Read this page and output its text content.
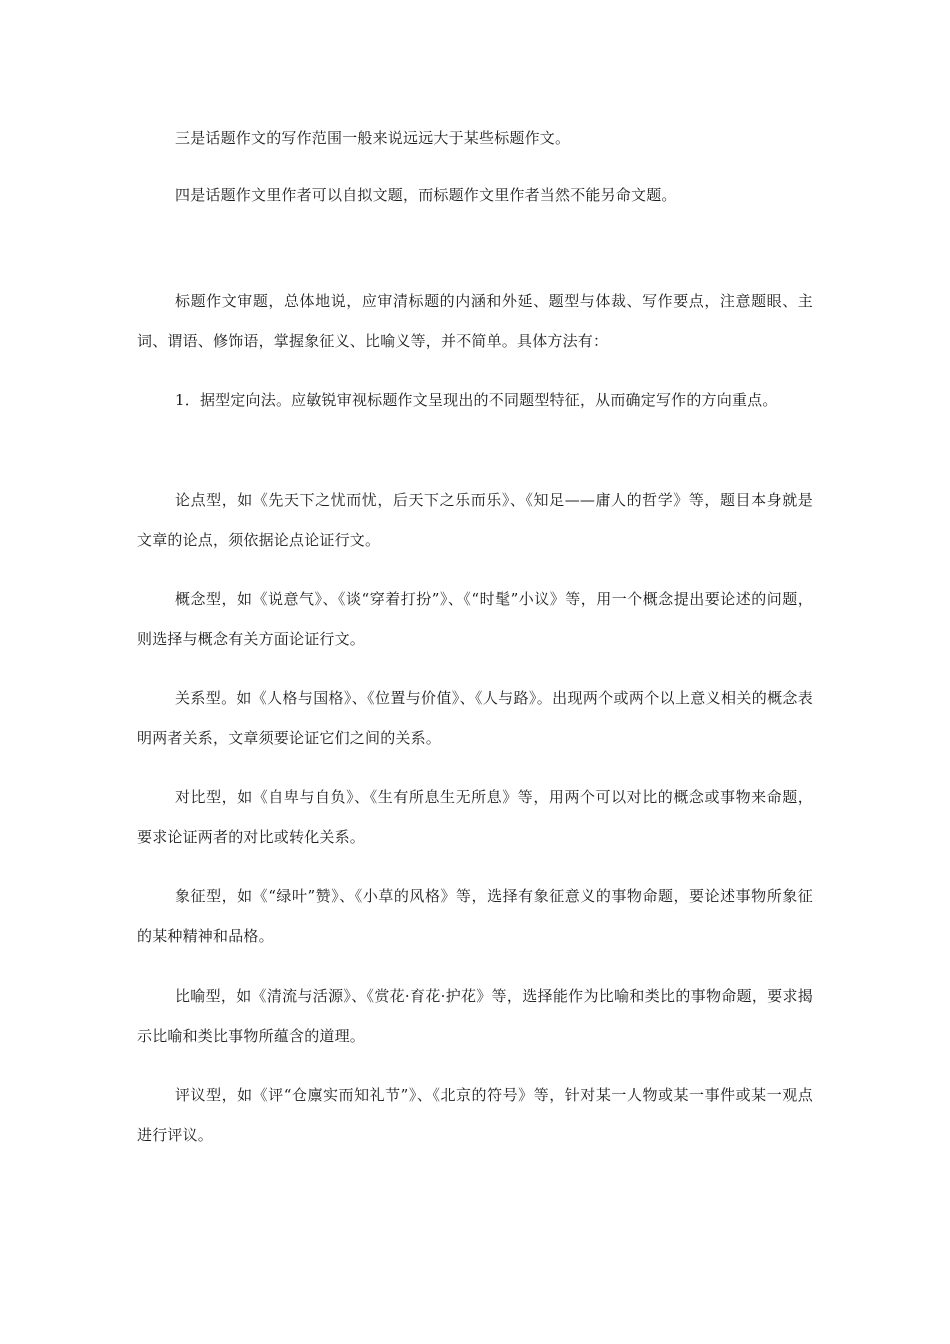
三是话题作文的写作范围一般来说远远大于某些标题作文。

四是话题作文里作者可以自拟文题，而标题作文里作者当然不能另命文题。

标题作文审题，总体地说，应审清标题的内涵和外延、题型与体裁、写作要点，注意题眼、主词、谓语、修饰语，掌握象征义、比喻义等，并不简单。具体方法有：

1．据型定向法。应敏锐审视标题作文呈现出的不同题型特征，从而确定写作的方向重点。

论点型，如《先天下之忧而忧，后天下之乐而乐》、《知足——庸人的哲学》等，题目本身就是文章的论点，须依据论点论证行文。

概念型，如《说意气》、《谈“穿着打扮”》、《“时髦”小议》等，用一个概念提出要论述的问题，则选择与概念有关方面论证行文。

关系型。如《人格与国格》、《位置与价值》、《人与路》。出现两个或两个以上意义相关的概念表明两者关系，文章须要论证它们之间的关系。

对比型，如《自卑与自负》、《生有所息生无所息》等，用两个可以对比的概念或事物来命题，要求论证两者的对比或转化关系。

象征型，如《“绿叶”赞》、《小草的风格》等，选择有象征意义的事物命题，要论述事物所象征的某种精神和品格。

比喻型，如《清流与活源》、《赏花·育花·护花》等，选择能作为比喻和类比的事物命题，要求揭示比喻和类比事物所蕴含的道理。

评议型，如《评“仓廪实而知礼节”》、《北京的符号》等，针对某一人物或某一事件或某一观点进行评议。
